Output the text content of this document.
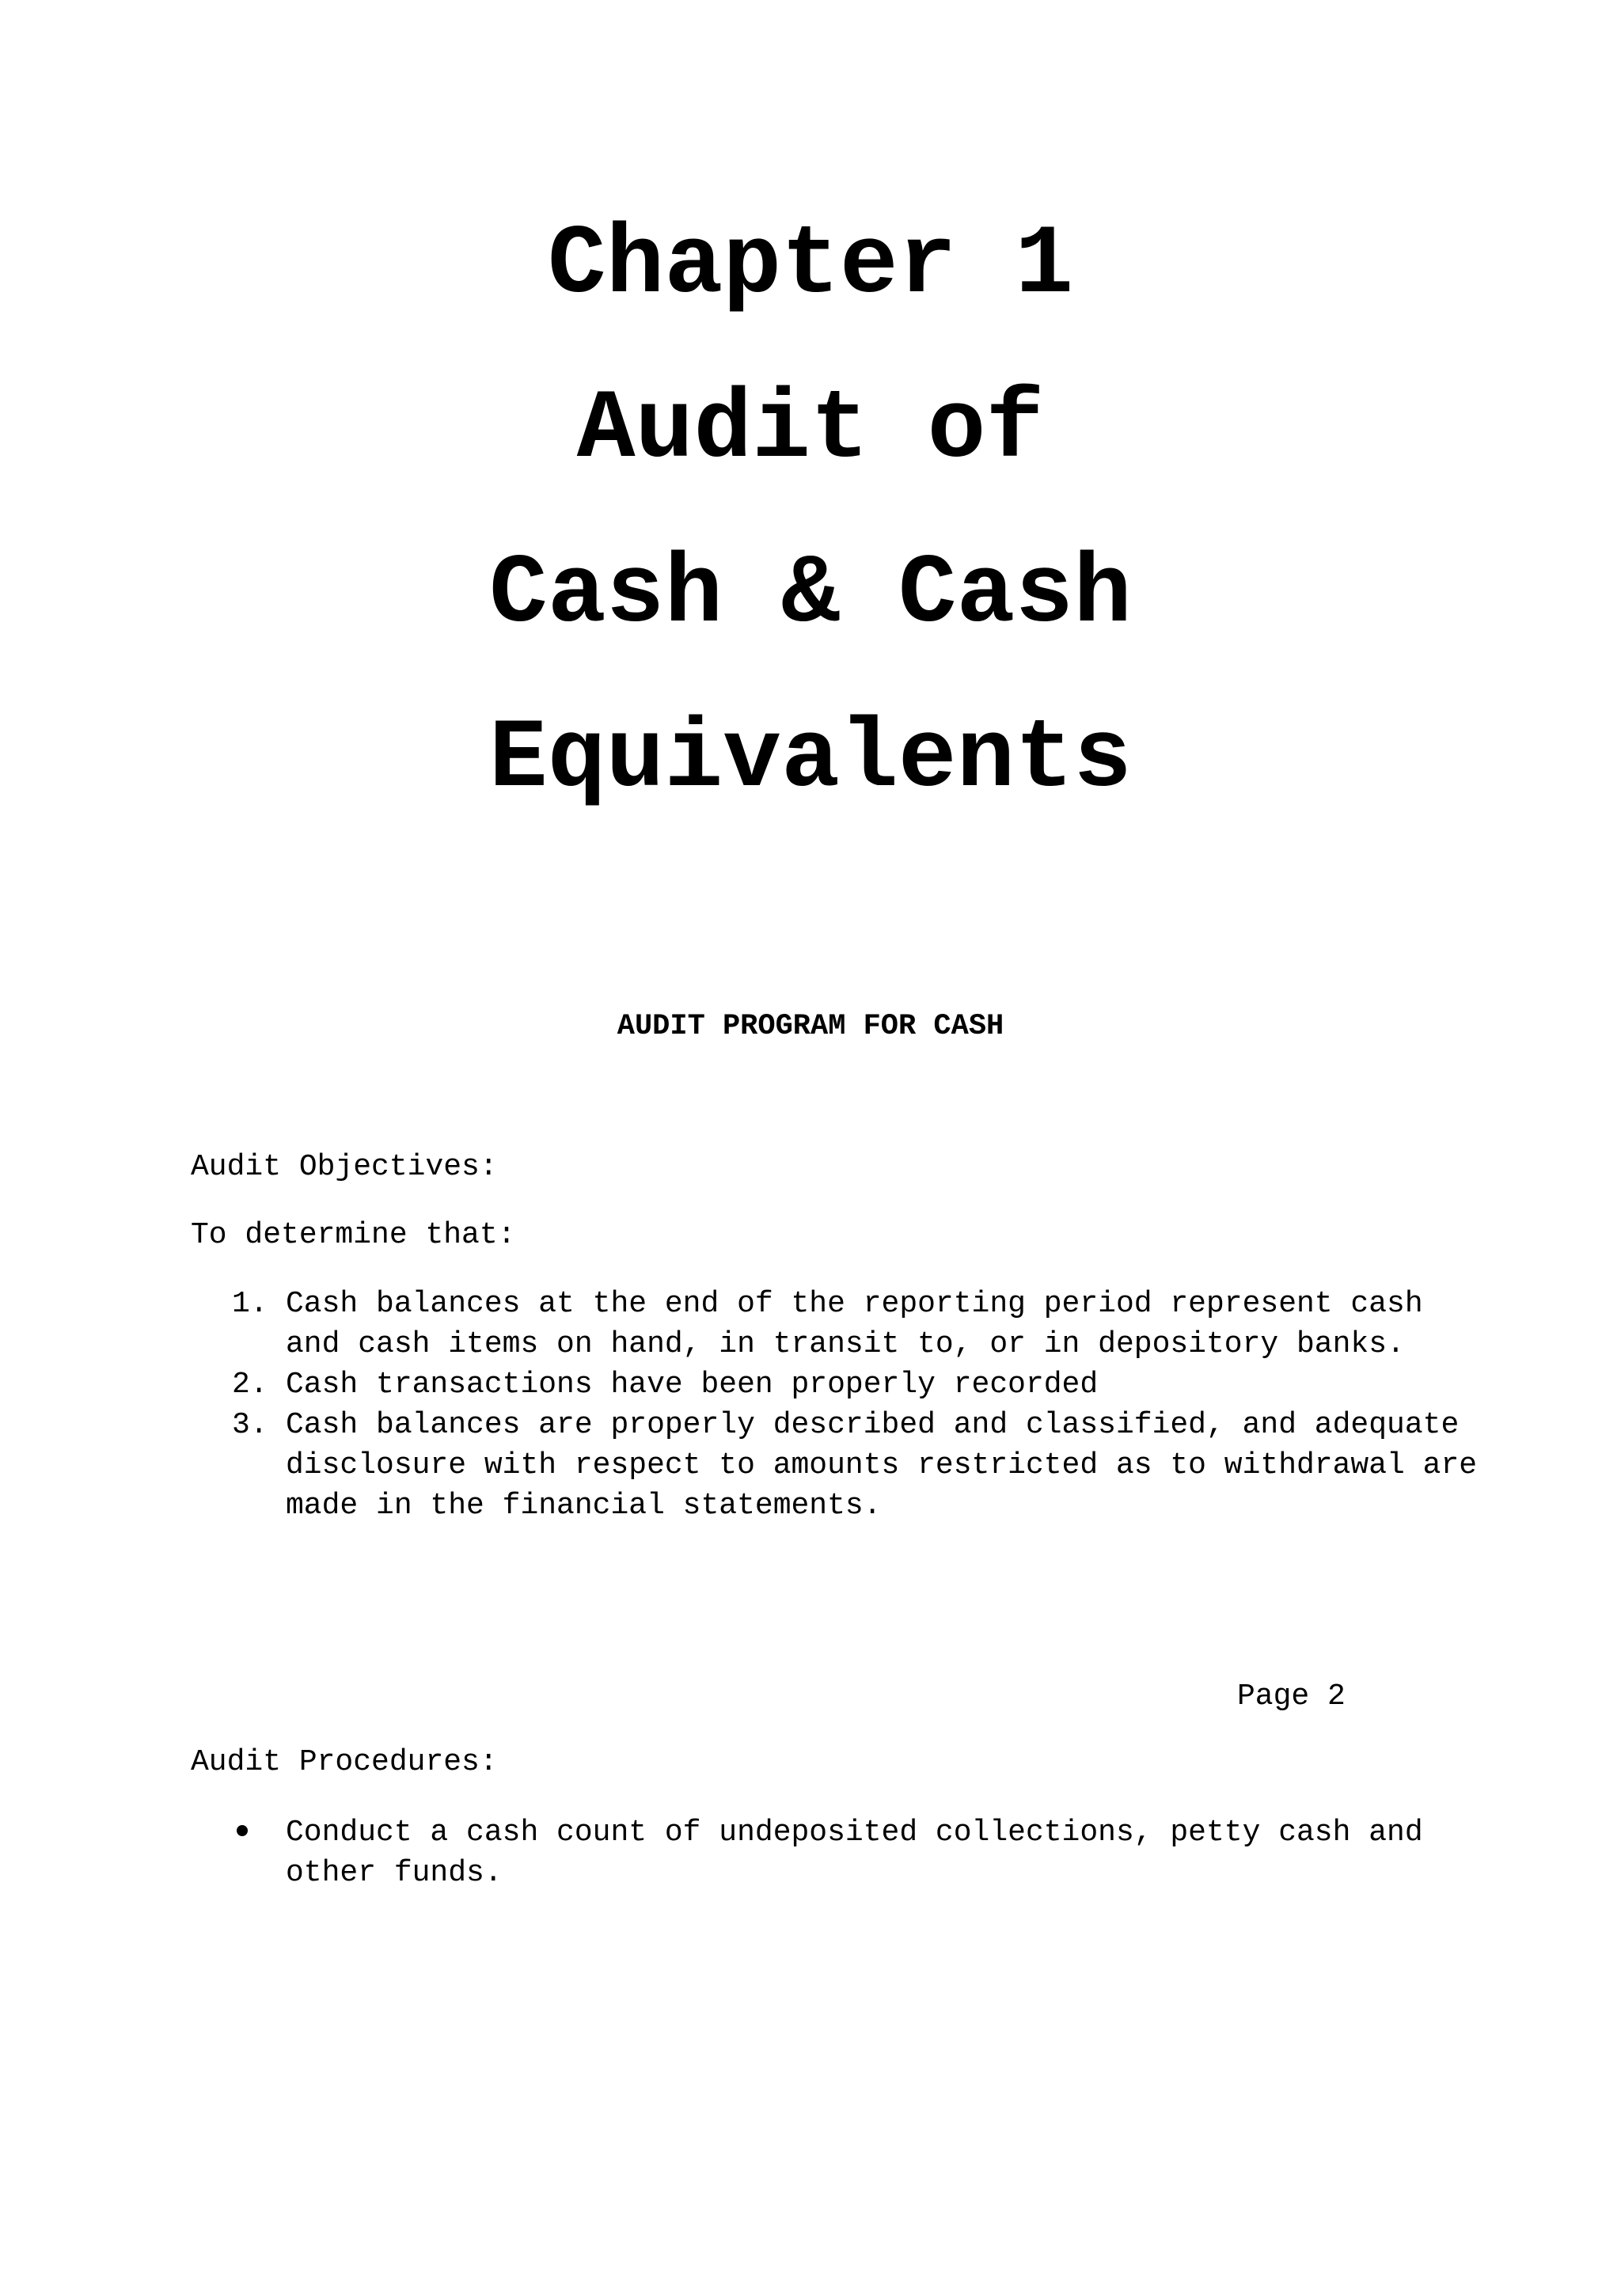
Chapter 1
Audit of
Cash & Cash
Equivalents
AUDIT PROGRAM FOR CASH

Audit Objectives:

To determine that:

1. Cash balances at the end of the reporting period represent cash and cash items on hand, in transit to, or in depository banks.
2. Cash transactions have been properly recorded
3. Cash balances are properly described and classified, and adequate disclosure with respect to amounts restricted as to withdrawal are made in the financial statements.

Page 2

Audit Procedures:

Conduct a cash count of undeposited collections, petty cash and other funds.
